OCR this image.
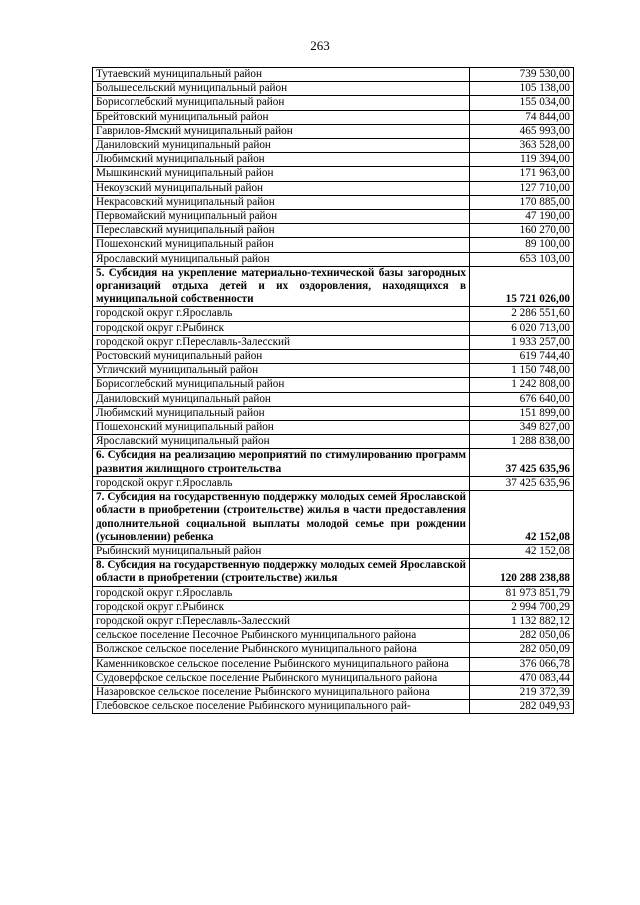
263
Тутаевский муниципальный район	739 530,00
Большесельский муниципальный район	105 138,00
Борисоглебский муниципальный район	155 034,00
Брейтовский муниципальный район	74 844,00
Гаврилов-Ямский муниципальный район	465 993,00
Даниловский муниципальный район	363 528,00
Любимский муниципальный район	119 394,00
Мышкинский муниципальный район	171 963,00
Некоузский муниципальный район	127 710,00
Некрасовский муниципальный район	170 885,00
Первомайский муниципальный район	47 190,00
Переславский муниципальный район	160 270,00
Пошехонский муниципальный район	89 100,00
Ярославский муниципальный район	653 103,00
5. Субсидия на укрепление материально-технической базы загородных организаций отдыха детей и их оздоровления, находящихся в муниципальной собственности	15 721 026,00
городской округ г.Ярославль	2 286 551,60
городской округ г.Рыбинск	6 020 713,00
городской округ г.Переславль-Залесский	1 933 257,00
Ростовский муниципальный район	619 744,40
Угличский муниципальный район	1 150 748,00
Борисоглебский муниципальный район	1 242 808,00
Даниловский муниципальный район	676 640,00
Любимский муниципальный район	151 899,00
Пошехонский муниципальный район	349 827,00
Ярославский муниципальный район	1 288 838,00
6. Субсидия на реализацию мероприятий по стимулированию программ развития жилищного строительства	37 425 635,96
городской округ г.Ярославль	37 425 635,96
7. Субсидия на государственную поддержку молодых семей Ярославской области в приобретении (строительстве) жилья в части предоставления дополнительной социальной выплаты молодой семье при рождении (усыновлении) ребенка	42 152,08
Рыбинский муниципальный район	42 152,08
8. Субсидия на государственную поддержку молодых семей Ярославской области в приобретении (строительстве) жилья	120 288 238,88
городской округ г.Ярославль	81 973 851,79
городской округ г.Рыбинск	2 994 700,29
городской округ г.Переславль-Залесский	1 132 882,12
сельское поселение Песочное Рыбинского муниципального района	282 050,06
Волжское сельское поселение Рыбинского муниципального района	282 050,09
Каменниковское сельское поселение Рыбинского муниципального района	376 066,78
Судоверфское сельское поселение Рыбинского муниципального района	470 083,44
Назаровское сельское поселение Рыбинского муниципального района	219 372,39
Глебовское сельское поселение Рыбинского муниципального рай-	282 049,93
